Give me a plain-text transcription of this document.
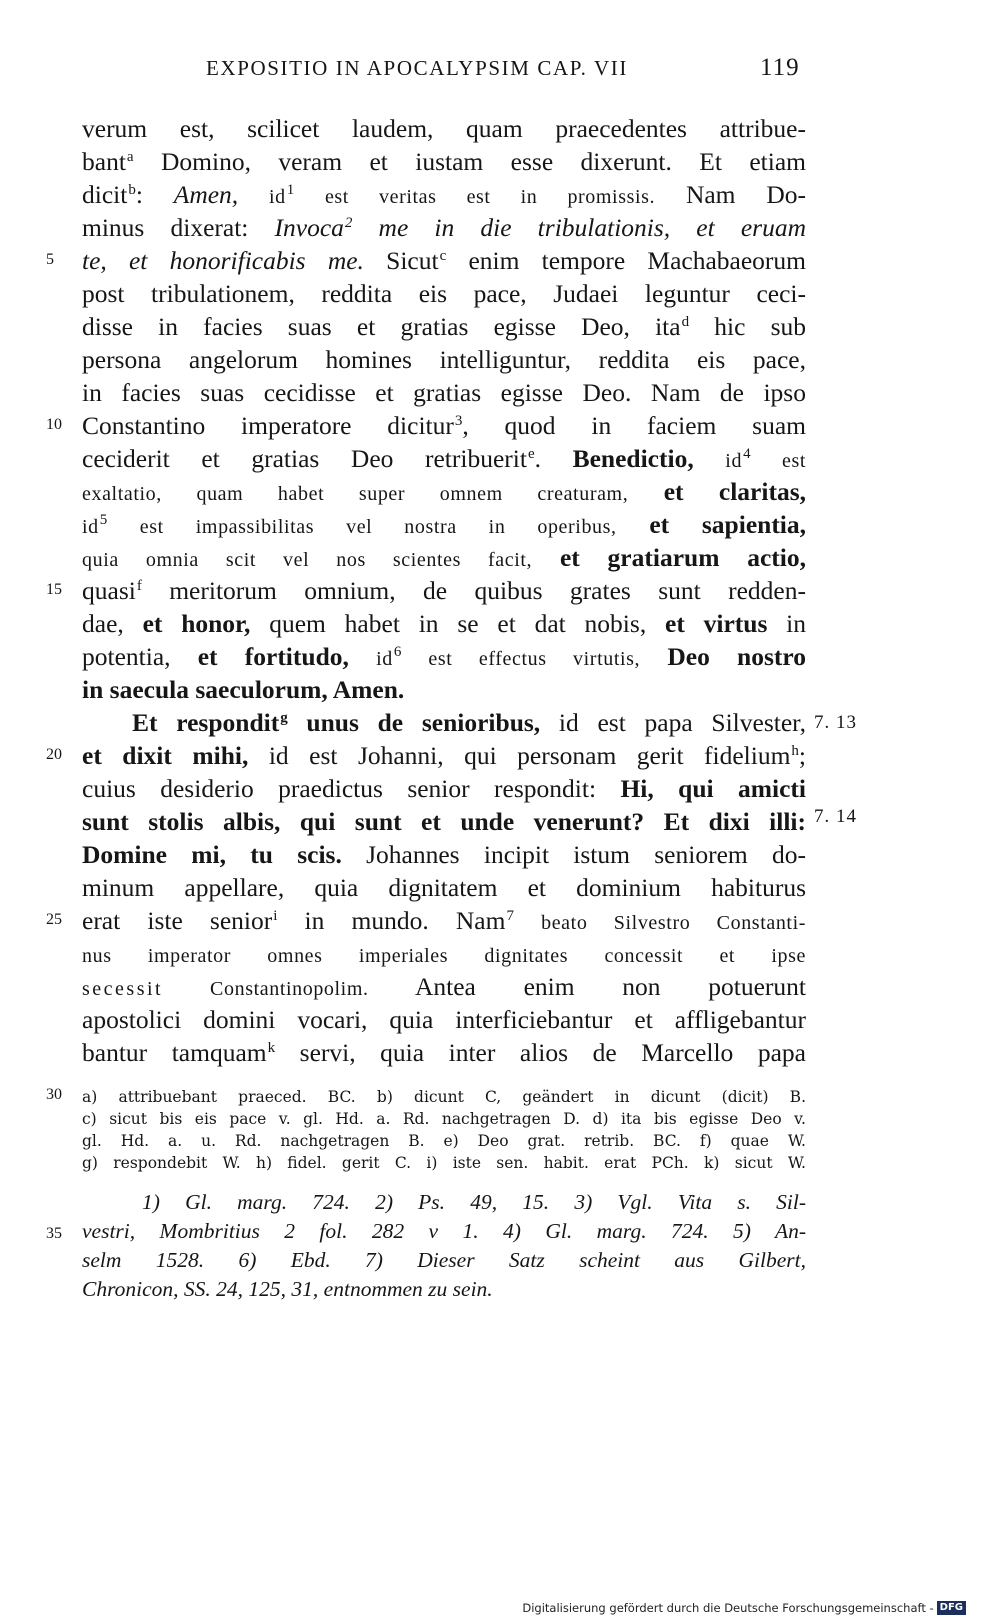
EXPOSITIO IN APOCALYPSIM CAP. VII	119
verum est, scilicet laudem, quam praecedentes attribue-
bant$^a$ Domino, veram et iustam esse dixerunt. Et etiam
dicit$^b$: Amen, $id^1$ est veritas est in promissis. Nam Do-
minus dixerat: Invoca$^2$ me in die tribulationis, et eruam
te, et honorificabis me. Sicut$^c$ enim tempore Machabaeorum
post tribulationem, reddita eis pace, Judaei leguntur ceci-
disse in facies suas et gratias egisse Deo, ita$^d$ hic sub
persona angelorum homines intelliguntur, reddita eis pace,
in facies suas cecidisse et gratias egisse Deo. Nam de ipso
Constantino imperatore dicitur$^3$, quod in faciem suam
ceciderit et gratias Deo retribuerit$^e$. Benedictio, $id^4$ est
exaltatio, quam habet super omnem creaturam, et claritas,
$id^5$ est impassibilitas vel nostra in operibus, et sapientia,
quia omnia scit vel nos scientes facit, et gratiarum actio,
quasi$^f$ meritorum omnium, de quibus grates sunt redden-
dae, et honor, quem habet in se et dat nobis, et virtus in
potentia, et fortitudo, $id^6$ est effectus virtutis, Deo nostro
in saecula saeculorum, Amen.
Et respondit$^g$ unus de senioribus, id est papa Silvester,
et dixit mihi, id est Johanni, qui personam gerit fidelium$^h$;
cuius desiderio praedictus senior respondit: Hi, qui amicti
sunt stolis albis, qui sunt et unde venerunt? Et dixi illi:
Domine mi, tu scis. Johannes incipit istum seniorem do-
minum appellare, quia dignitatem et dominium habiturus
erat iste senior$^i$ in mundo. Nam$^7$ beato Silvestro Constanti-
nus imperator omnes imperiales dignitates concessit et ipse
secessit Constantinopolim. Antea enim non potuerunt
apostolici domini vocari, quia interficiebantur et affligebantur
bantur tamquam$^k$ servi, quia inter alios de Marcello papa
5
10
15
20
25
30
35
7. 13
7. 14
a) attribuebant praeced. BC. b) dicunt C, geändert in dicunt (dicit) B.
c) sicut bis eis pace v. gl. Hd. a. Rd. nachgetragen D. d) ita bis egisse Deo v.
gl. Hd. a. u. Rd. nachgetragen B. e) Deo grat. retrib. BC. f) quae W.
g) respondebit W. h) fidel. gerit C. i) iste sen. habit. erat PCh. k) sicut W.
1) Gl. marg. 724. 2) Ps. 49, 15. 3) Vgl. Vita s. Sil-
vestri, Mombritius 2 fol. 282 v 1. 4) Gl. marg. 724. 5) An-
selm 1528. 6) Ebd. 7) Dieser Satz scheint aus Gilbert,
Chronicon, SS. 24, 125, 31, entnommen zu sein.
Digitalisierung gefördert durch die Deutsche Forschungsgemeinschaft - DFG
